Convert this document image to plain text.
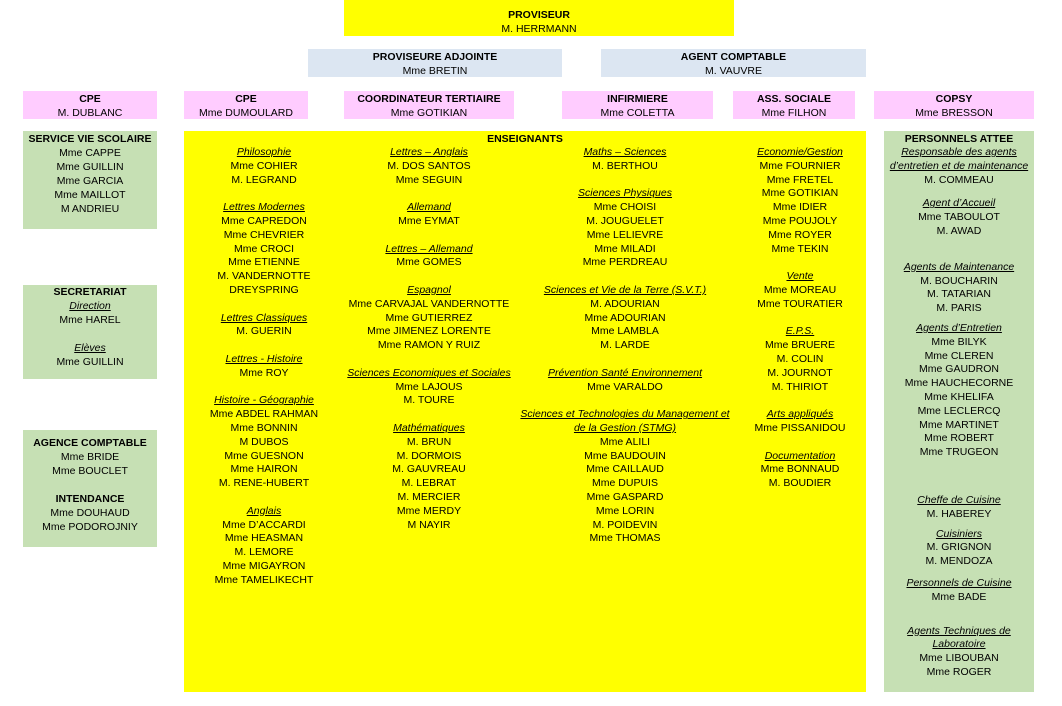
PROVISEUR
M. HERRMANN
PROVISEURE ADJOINTE
Mme BRETIN
AGENT COMPTABLE
M. VAUVRE
CPE
M. DUBLANC
CPE
Mme DUMOULARD
COORDINATEUR TERTIAIRE
Mme GOTIKIAN
INFIRMIERE
Mme COLETTA
ASS. SOCIALE
Mme FILHON
COPSY
Mme BRESSON
SERVICE VIE SCOLAIRE
Mme CAPPE
Mme GUILLIN
Mme GARCIA
Mme MAILLOT
M ANDRIEU
SECRETARIAT
Direction
Mme HAREL
Elèves
Mme GUILLIN
AGENCE COMPTABLE
Mme BRIDE
Mme BOUCLET
INTENDANCE
Mme DOUHAUD
Mme PODOROJNIY
ENSEIGNANTS
Philosophie
Mme COHIER
M. LEGRAND
Lettres Modernes
Mme CAPREDON
Mme CHEVRIER
Mme CROCI
Mme ETIENNE
M. VANDERNOTTE
DREYSPRING
Lettres Classiques
M. GUERIN
Lettres - Histoire
Mme ROY
Histoire - Géographie
Mme ABDEL RAHMAN
Mme BONNIN
M DUBOS
Mme GUESNON
Mme HAIRON
M. RENE-HUBERT
Anglais
Mme D’ACCARDI
Mme HEASMAN
M. LEMORE
Mme MIGAYRON
Mme TAMELIKECHT
Lettres – Anglais
M. DOS SANTOS
Mme SEGUIN
Allemand
Mme EYMAT
Lettres – Allemand
Mme GOMES
Espagnol
Mme CARVAJAL VANDERNOTTE
Mme GUTIERREZ
Mme JIMENEZ LORENTE
Mme RAMON Y RUIZ
Sciences Economiques et Sociales
Mme LAJOUS
M. TOURE
Mathématiques
M. BRUN
M. DORMOIS
M. GAUVREAU
M. LEBRAT
M. MERCIER
Mme MERDY
M NAYIR
Maths – Sciences
M. BERTHOU
Sciences Physiques
Mme CHOISI
M. JOUGUELET
Mme LELIEVRE
Mme MILADI
Mme PERDREAU
Sciences et Vie de la Terre (S.V.T.)
M. ADOURIAN
Mme ADOURIAN
Mme LAMBLA
M. LARDE
Prévention Santé Environnement
Mme VARALDO
Sciences et Technologies du Management et de la Gestion (STMG)
Mme ALILI
Mme BAUDOUIN
Mme CAILLAUD
Mme DUPUIS
Mme GASPARD
Mme LORIN
M. POIDEVIN
Mme THOMAS
Economie/Gestion
Mme FOURNIER
Mme FRETEL
Mme GOTIKIAN
Mme IDIER
Mme POUJOLY
Mme ROYER
Mme TEKIN
Vente
Mme MOREAU
Mme TOURATIER
E.P.S.
Mme BRUERE
M. COLIN
M. JOURNOT
M. THIRIOT
Arts appliqués
Mme PISSANIDOU
Documentation
Mme BONNAUD
M. BOUDIER
PERSONNELS ATTEE
Responsable des agents d’entretien et de maintenance
M. COMMEAU
Agent d’Accueil
Mme TABOULOT
M. AWAD
Agents de Maintenance
M. BOUCHARIN
M. TATARIAN
M. PARIS
Agents d’Entretien
Mme BILYK
Mme CLEREN
Mme GAUDRON
Mme HAUCHECORNE
Mme KHELIFA
Mme LECLERCQ
Mme MARTINET
Mme ROBERT
Mme TRUGEON
Cheffe de Cuisine
M. HABEREY
Cuisiniers
M. GRIGNON
M. MENDOZA
Personnels de Cuisine
Mme BADE
Agents Techniques de Laboratoire
Mme LIBOUBAN
Mme ROGER
